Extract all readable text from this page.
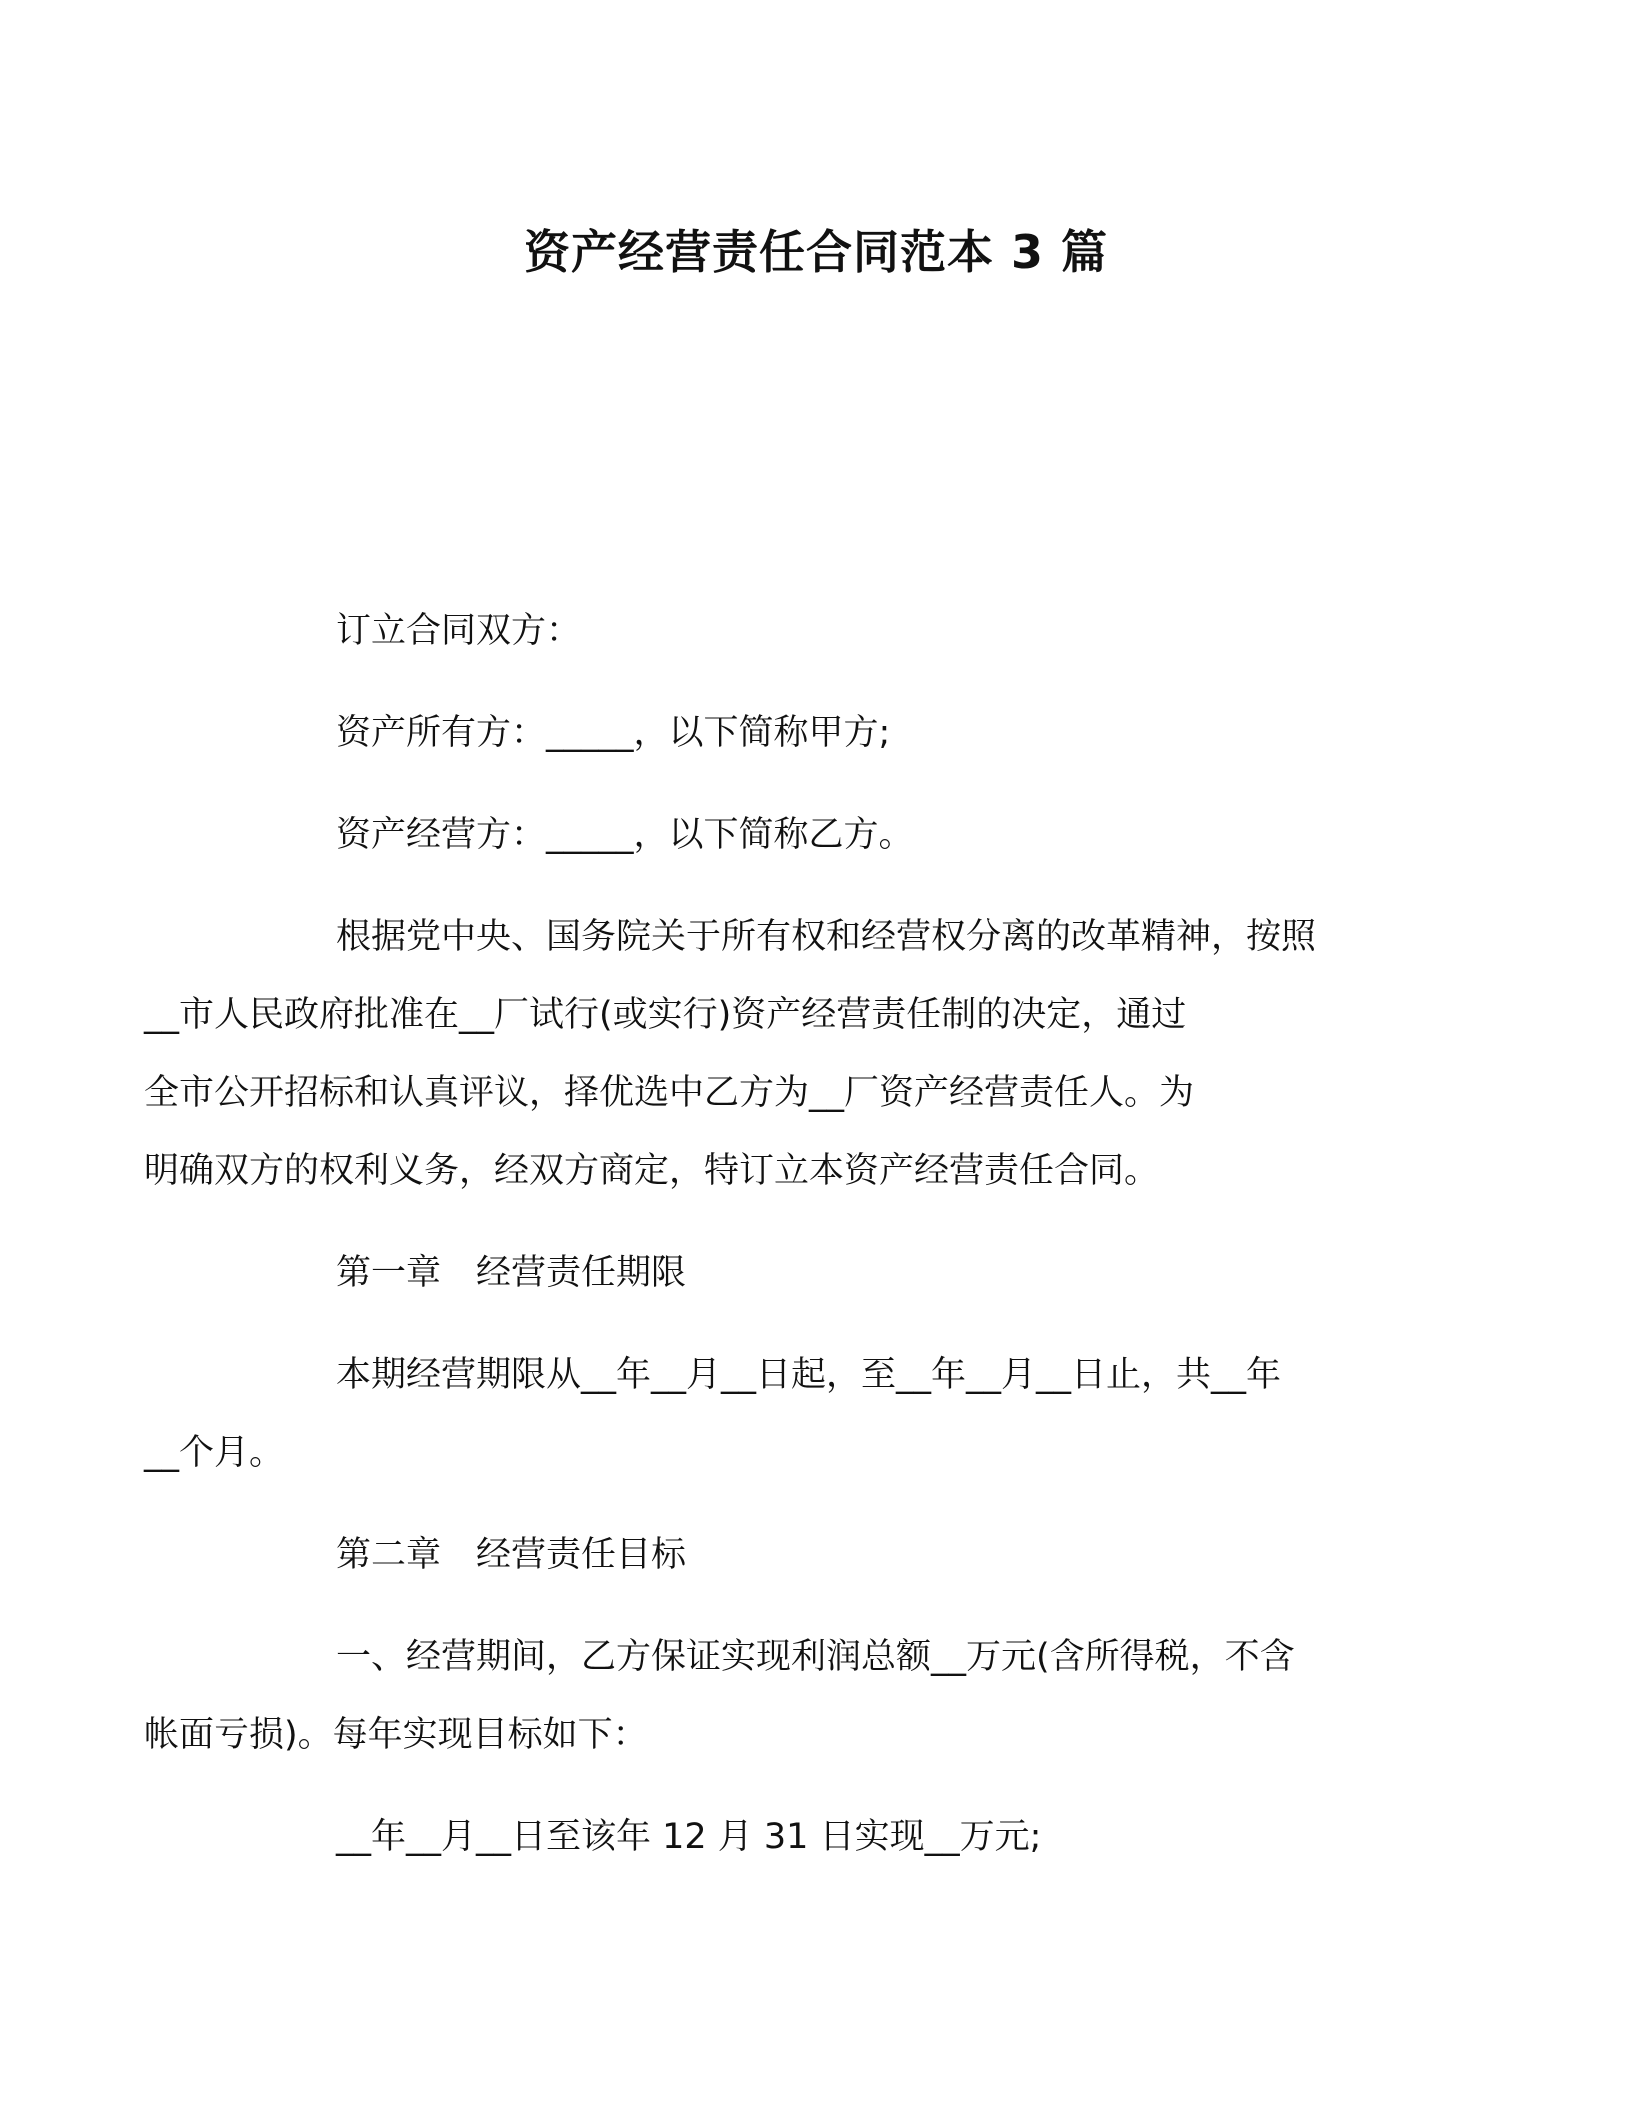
资产经营责任合同范本 3 篇

订立合同双方：

资产所有方：_____，以下简称甲方;

资产经营方：_____，以下简称乙方。

根据党中央、国务院关于所有权和经营权分离的改革精神，按照
__市人民政府批准在__厂试行(或实行)资产经营责任制的决定，通过
全市公开招标和认真评议，择优选中乙方为__厂资产经营责任人。为
明确双方的权利义务，经双方商定，特订立本资产经营责任合同。

第一章　经营责任期限

本期经营期限从__年__月__日起，至__年__月__日止，共__年
__个月。

第二章　经营责任目标

一、经营期间，乙方保证实现利润总额__万元(含所得税，不含
帐面亏损)。每年实现目标如下：

__年__月__日至该年 12 月 31 日实现__万元;
